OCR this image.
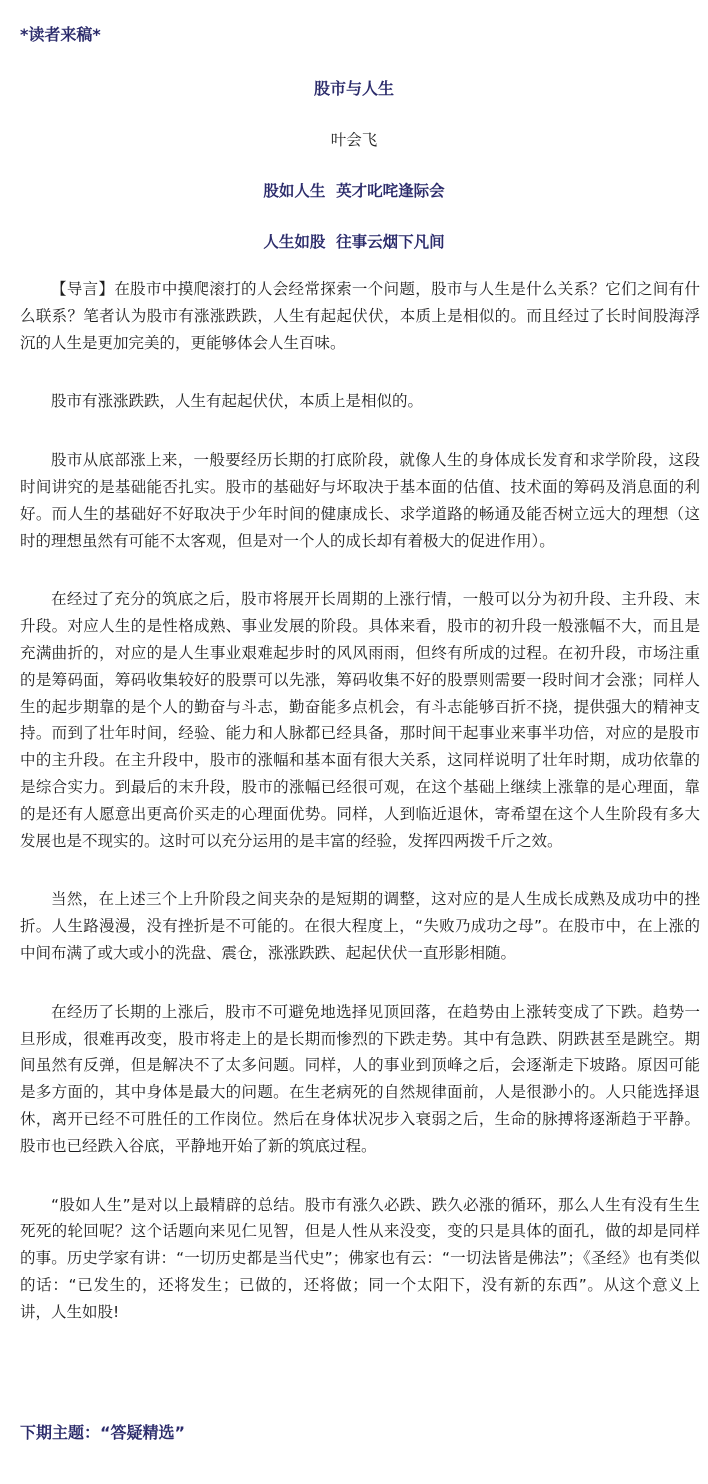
*读者来稿*

股市与人生

叶会飞

股如人生  英才叱咤逢际会

人生如股  往事云烟下凡间

【导言】在股市中摸爬滚打的人会经常探索一个问题，股市与人生是什么关系？它们之间有什么联系？笔者认为股市有涨涨跌跌，人生有起起伏伏，本质上是相似的。而且经过了长时间股海浮沉的人生是更加完美的，更能够体会人生百味。

股市有涨涨跌跌，人生有起起伏伏，本质上是相似的。

股市从底部涨上来，一般要经历长期的打底阶段，就像人生的身体成长发育和求学阶段，这段时间讲究的是基础能否扎实。股市的基础好与坏取决于基本面的估值、技术面的筹码及消息面的利好。而人生的基础好不好取决于少年时间的健康成长、求学道路的畅通及能否树立远大的理想（这时的理想虽然有可能不太客观，但是对一个人的成长却有着极大的促进作用）。

在经过了充分的筑底之后，股市将展开长周期的上涨行情，一般可以分为初升段、主升段、末升段。对应人生的是性格成熟、事业发展的阶段。具体来看，股市的初升段一般涨幅不大，而且是充满曲折的，对应的是人生事业艰难起步时的风风雨雨，但终有所成的过程。在初升段，市场注重的是筹码面，筹码收集较好的股票可以先涨，筹码收集不好的股票则需要一段时间才会涨；同样人生的起步期靠的是个人的勤奋与斗志，勤奋能多点机会，有斗志能够百折不挠，提供强大的精神支持。而到了壮年时间，经验、能力和人脉都已经具备，那时间干起事业来事半功倍，对应的是股市中的主升段。在主升段中，股市的涨幅和基本面有很大关系，这同样说明了壮年时期，成功依靠的是综合实力。到最后的末升段，股市的涨幅已经很可观，在这个基础上继续上涨靠的是心理面，靠的是还有人愿意出更高价买走的心理面优势。同样，人到临近退休，寄希望在这个人生阶段有多大发展也是不现实的。这时可以充分运用的是丰富的经验，发挥四两拨千斤之效。

当然，在上述三个上升阶段之间夹杂的是短期的调整，这对应的是人生成长成熟及成功中的挫折。人生路漫漫，没有挫折是不可能的。在很大程度上，“失败乃成功之母”。在股市中，在上涨的中间布满了或大或小的洗盘、震仓，涨涨跌跌、起起伏伏一直形影相随。

在经历了长期的上涨后，股市不可避免地选择见顶回落，在趋势由上涨转变成了下跌。趋势一旦形成，很难再改变，股市将走上的是长期而惨烈的下跌走势。其中有急跌、阴跌甚至是跳空。期间虽然有反弹，但是解决不了太多问题。同样，人的事业到顶峰之后，会逐渐走下坡路。原因可能是多方面的，其中身体是最大的问题。在生老病死的自然规律面前，人是很渺小的。人只能选择退休，离开已经不可胜任的工作岗位。然后在身体状况步入衰弱之后，生命的脉搏将逐渐趋于平静。股市也已经跌入谷底，平静地开始了新的筑底过程。

“股如人生”是对以上最精辟的总结。股市有涨久必跌、跌久必涨的循环，那么人生有没有生生死死的轮回呢？这个话题向来见仁见智，但是人性从来没变，变的只是具体的面孔，做的却是同样的事。历史学家有讲：“一切历史都是当代史”；佛家也有云：“一切法皆是佛法”；《圣经》也有类似的话：“已发生的，还将发生；已做的，还将做；同一个太阳下，没有新的东西”。从这个意义上讲，人生如股!

下期主题：“答疑精选”
